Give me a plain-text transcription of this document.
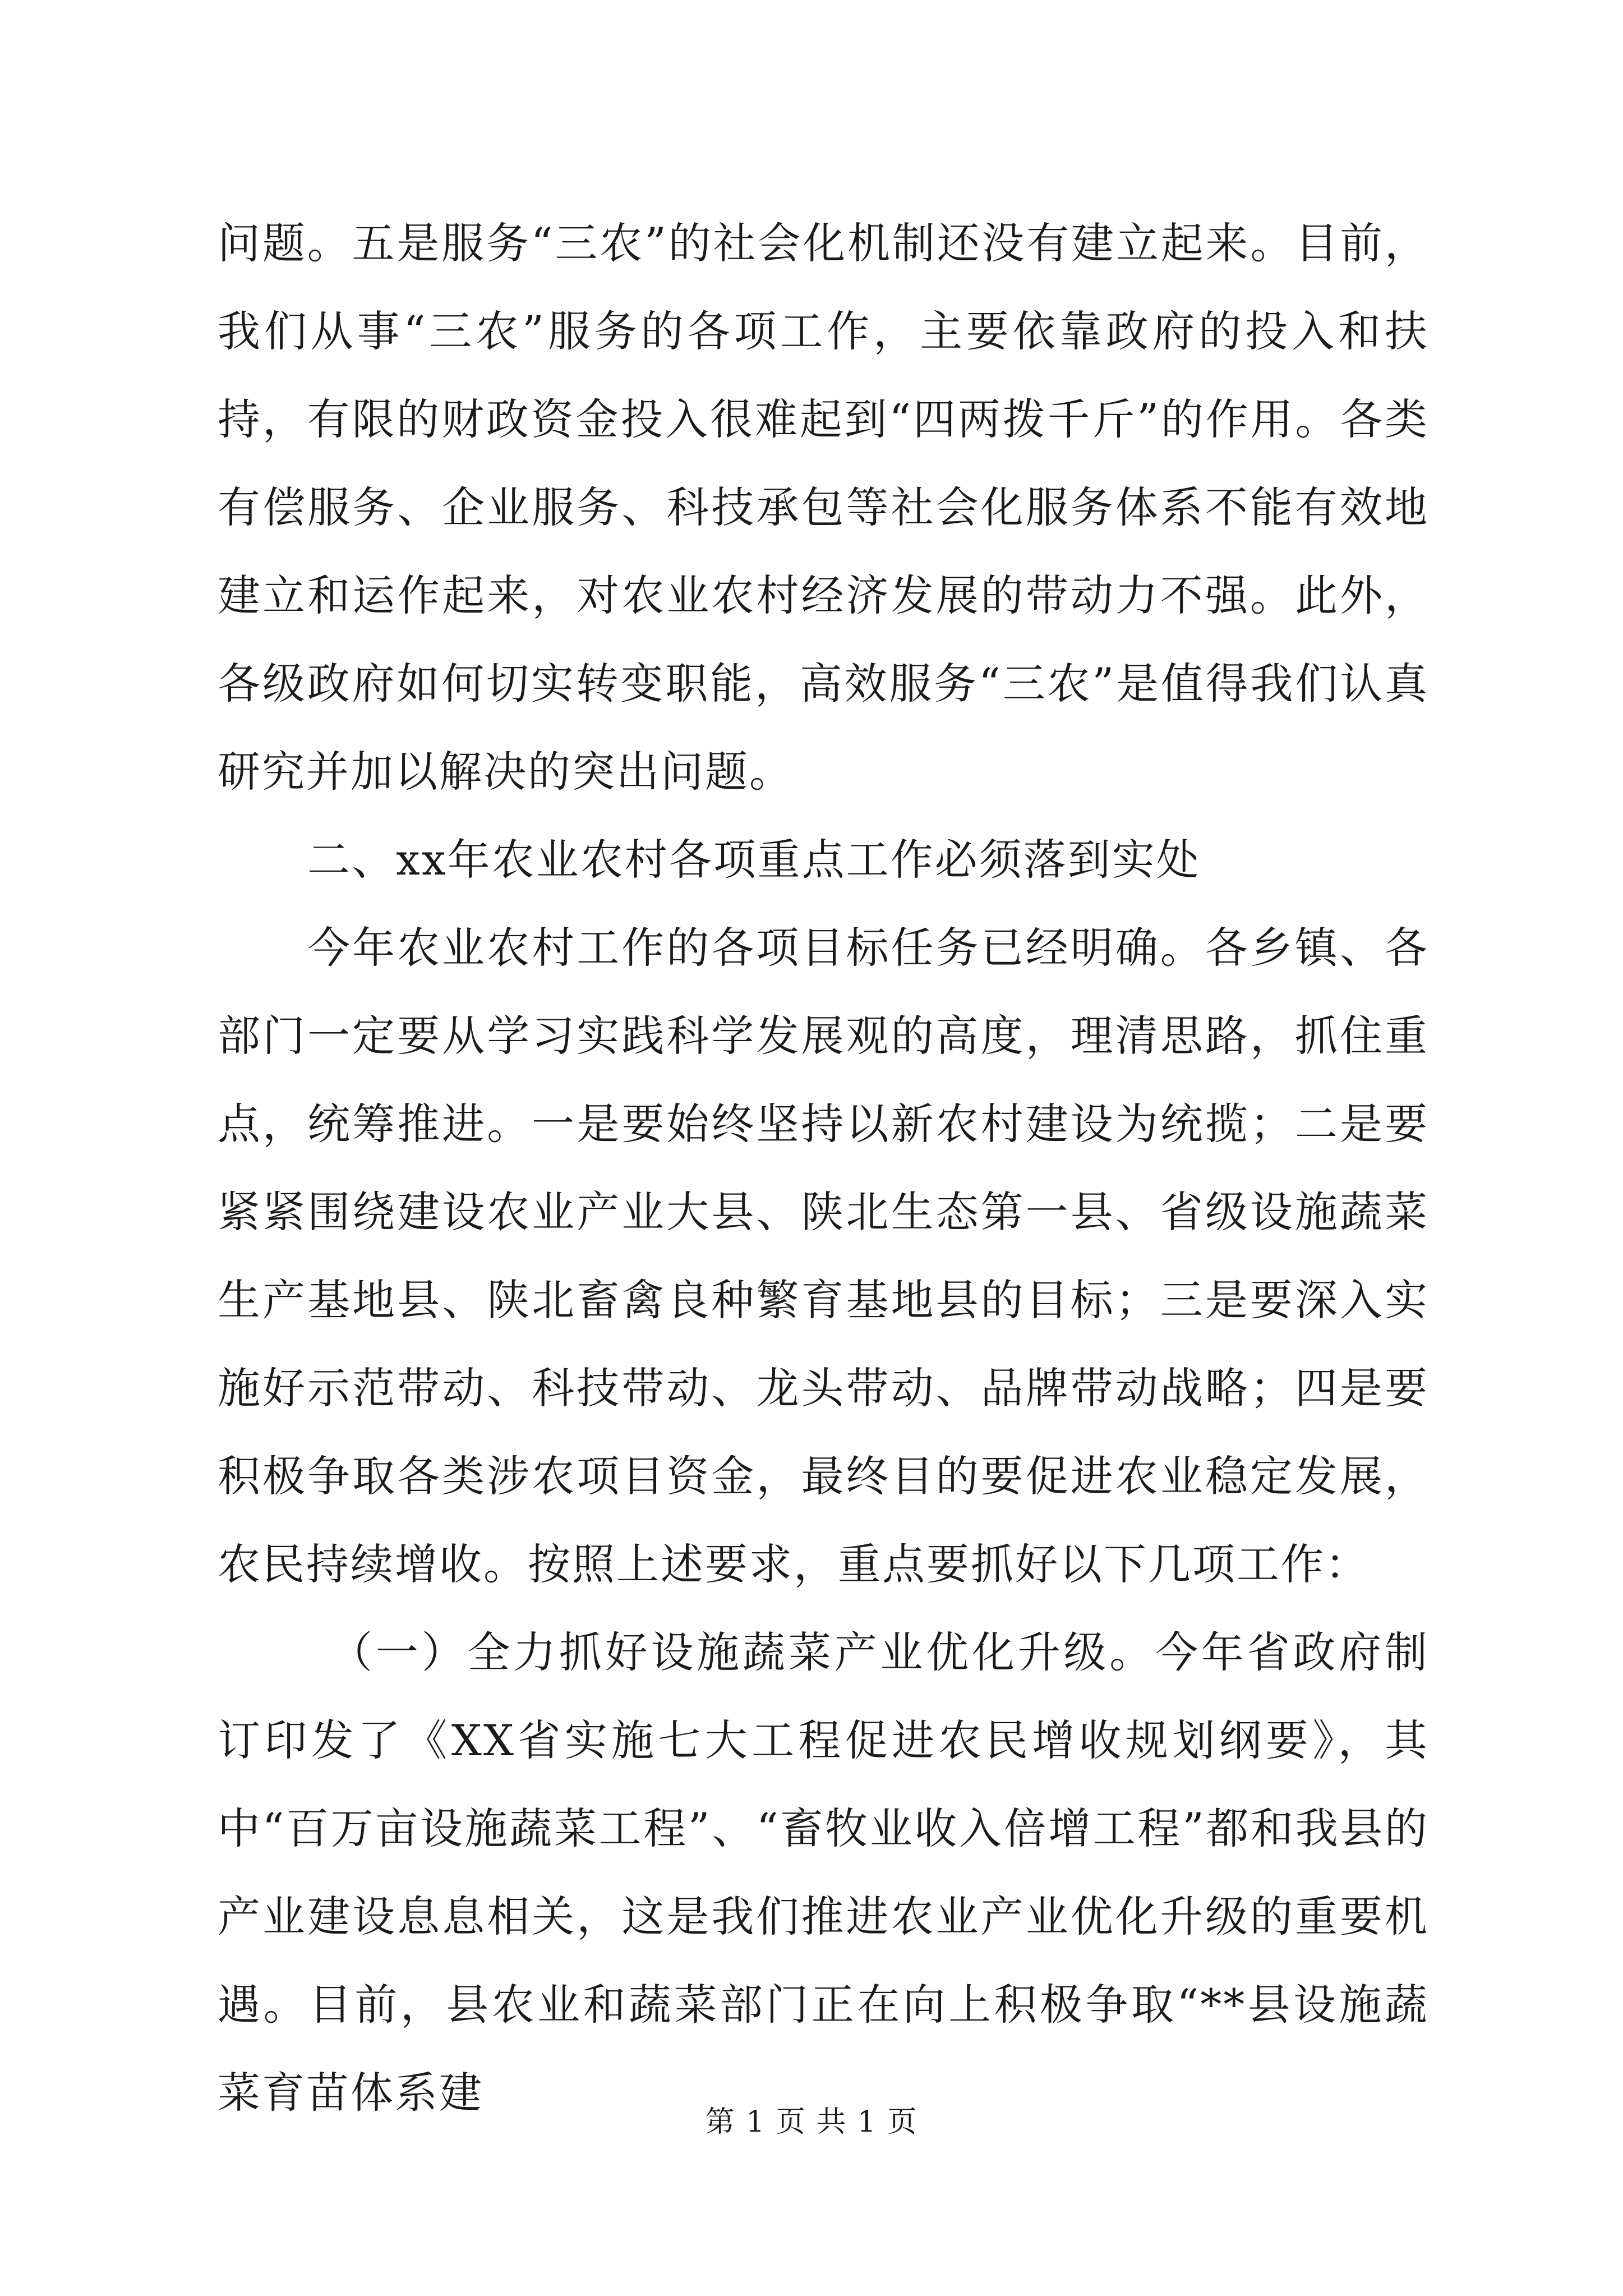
问题。五是服务“三农”的社会化机制还没有建立起来。目前，我们从事“三农”服务的各项工作，主要依靠政府的投入和扶持，有限的财政资金投入很难起到“四两拨千斤”的作用。各类有偿服务、企业服务、科技承包等社会化服务体系不能有效地建立和运作起来，对农业农村经济发展的带动力不强。此外，各级政府如何切实转变职能，高效服务“三农”是值得我们认真研究并加以解决的突出问题。

二、xx年农业农村各项重点工作必须落到实处

今年农业农村工作的各项目标任务已经明确。各乡镇、各部门一定要从学习实践科学发展观的高度，理清思路，抓住重点，统筹推进。一是要始终坚持以新农村建设为统揽；二是要紧紧围绕建设农业产业大县、陕北生态第一县、省级设施蔬菜生产基地县、陕北畜禽良种繁育基地县的目标；三是要深入实施好示范带动、科技带动、龙头带动、品牌带动战略；四是要积极争取各类涉农项目资金，最终目的要促进农业稳定发展，农民持续增收。按照上述要求，重点要抓好以下几项工作：

（一）全力抓好设施蔬菜产业优化升级。今年省政府制订印发了《XX省实施七大工程促进农民增收规划纲要》，其中“百万亩设施蔬菜工程”、“畜牧业收入倍增工程”都和我县的产业建设息息相关，这是我们推进农业产业优化升级的重要机遇。目前，县农业和蔬菜部门正在向上积极争取“**县设施蔬菜育苗体系建

第 1 页 共 1 页
